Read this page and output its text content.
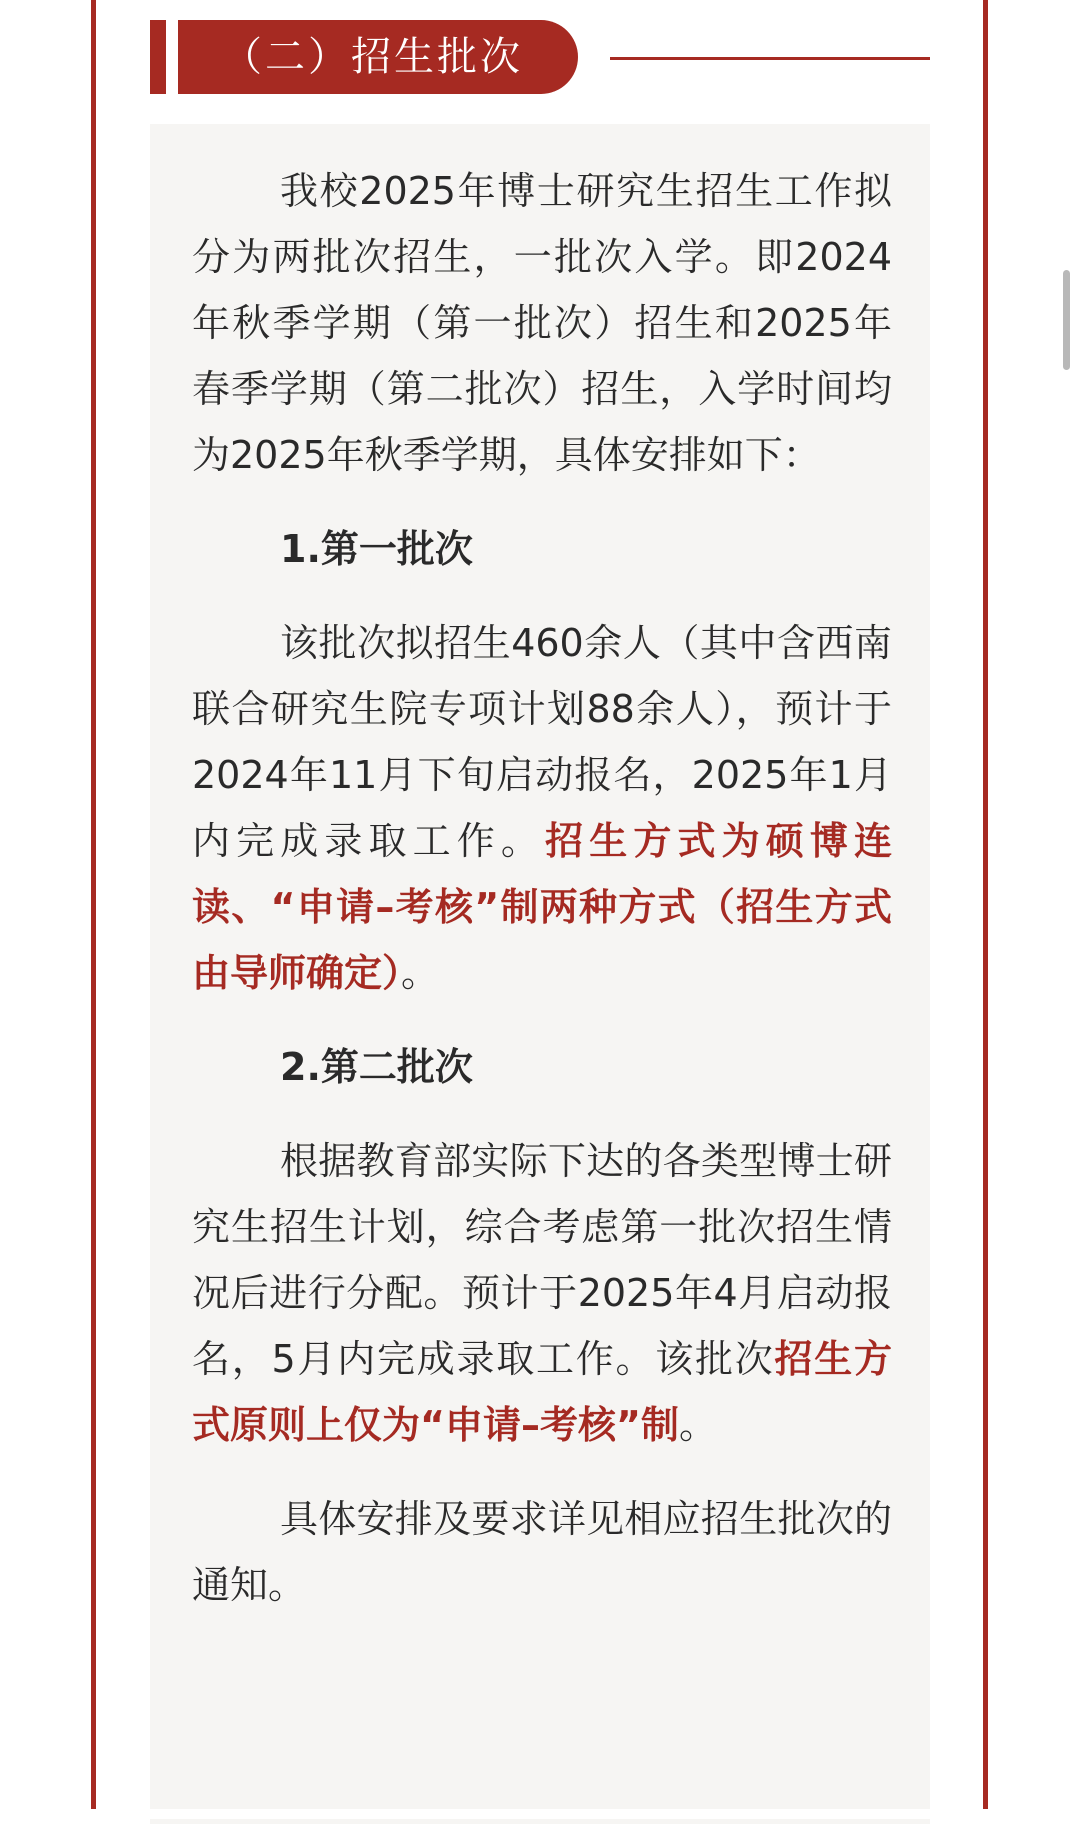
（二）招生批次

我校2025年博士研究生招生工作拟分为两批次招生，一批次入学。即2024年秋季学期（第一批次）招生和2025年春季学期（第二批次）招生，入学时间均为2025年秋季学期，具体安排如下：

1.第一批次

该批次拟招生460余人（其中含西南联合研究生院专项计划88余人），预计于2024年11月下旬启动报名，2025年1月内完成录取工作。招生方式为硕博连读、“申请–考核”制两种方式（招生方式由导师确定）。

2.第二批次

根据教育部实际下达的各类型博士研究生招生计划，综合考虑第一批次招生情况后进行分配。预计于2025年4月启动报名，5月内完成录取工作。该批次招生方式原则上仅为“申请–考核”制。

具体安排及要求详见相应招生批次的通知。
